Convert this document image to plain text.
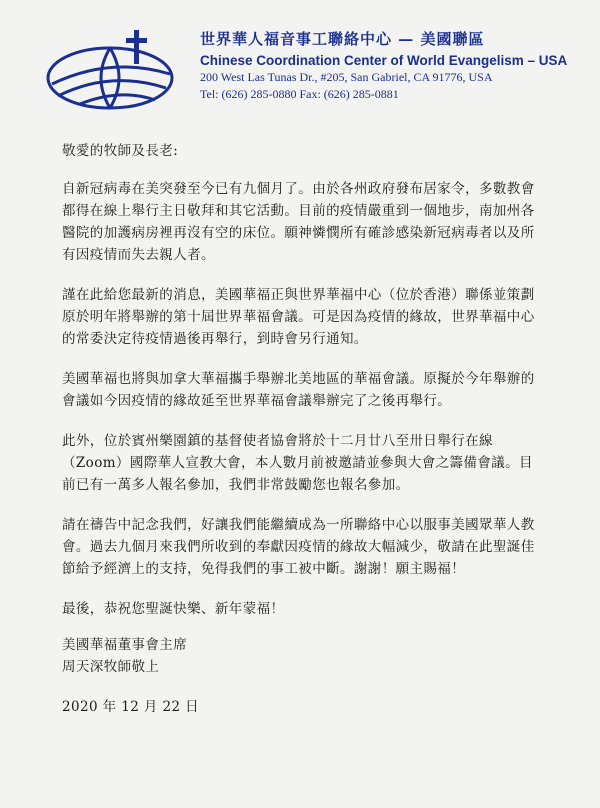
世界華人福音事工聯絡中心 — 美國聯區

Chinese Coordination Center of World Evangelism – USA

200 West Las Tunas Dr., #205, San Gabriel, CA 91776, USA

Tel: (626) 285-0880 Fax: (626) 285-0881

敬愛的牧師及長老:

自新冠病毒在美突發至今已有九個月了。由於各州政府發布居家令，多數教會都得在線上舉行主日敬拜和其它活動。目前的疫情嚴重到一個地步，南加州各醫院的加護病房裡再沒有空的床位。願神憐憫所有確診感染新冠病毒者以及所有因疫情而失去親人者。

謹在此給您最新的消息，美國華福正與世界華福中心（位於香港）聯係並策劃原於明年將舉辦的第十屆世界華福會議。可是因為疫情的緣故，世界華福中心的常委決定待疫情過後再舉行，到時會另行通知。

美國華福也將與加拿大華福攜手舉辦北美地區的華福會議。原擬於今年舉辦的會議如今因疫情的緣故延至世界華福會議舉辦完了之後再舉行。

此外，位於賓州樂園鎮的基督使者協會將於十二月廿八至卅日舉行在線（Zoom）國際華人宣教大會，本人數月前被邀請並參與大會之籌備會議。目前已有一萬多人報名參加，我們非常鼓勵您也報名參加。

請在禱告中記念我們，好讓我們能繼續成為一所聯絡中心以服事美國眾華人教會。過去九個月來我們所收到的奉獻因疫情的緣故大幅減少，敬請在此聖誕佳節給予經濟上的支持，免得我們的事工被中斷。謝謝！願主賜福！

最後，恭祝您聖誕快樂、新年蒙福！

美國華福董事會主席

周天深牧師敬上

2020 年 12 月 22 日
